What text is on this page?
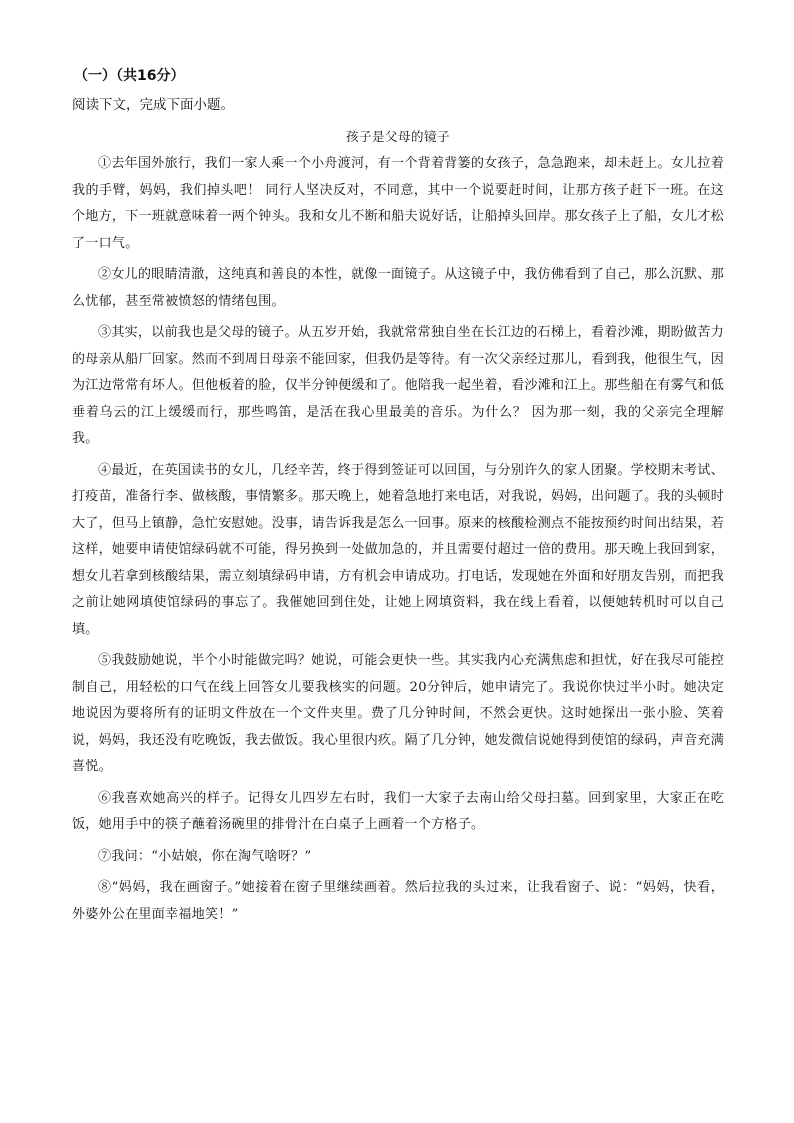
（一）（共16分）
阅读下文，完成下面小题。
孩子是父母的镜子

①去年国外旅行，我们一家人乘一个小舟渡河，有一个背着背篓的女孩子，急急跑来，却未赶上。女儿拉着我的手臂，妈妈，我们掉头吧！ 同行人坚决反对，不同意，其中一个说要赶时间，让那方孩子赶下一班。在这个地方，下一班就意味着一两个钟头。我和女儿不断和船夫说好话，让船掉头回岸。那女孩子上了船，女儿才松了一口气。

②女儿的眼睛清澈，这纯真和善良的本性，就像一面镜子。从这镜子中，我仿佛看到了自己，那么沉默、那么忧郁，甚至常被愤怒的情绪包围。

③其实，以前我也是父母的镜子。从五岁开始，我就常常独自坐在长江边的石梯上，看着沙滩，期盼做苦力的母亲从船厂回家。然而不到周日母亲不能回家，但我仍是等待。有一次父亲经过那儿，看到我，他很生气，因为江边常常有坏人。但他板着的脸，仅半分钟便缓和了。他陪我一起坐着，看沙滩和江上。那些船在有雾气和低垂着乌云的江上缓缓而行，那些鸣笛，是活在我心里最美的音乐。为什么？ 因为那一刻，我的父亲完全理解我。

④最近，在英国读书的女儿，几经辛苦，终于得到签证可以回国，与分别许久的家人团聚。学校期末考试、打疫苗，准备行李、做核酸，事情繁多。那天晚上，她着急地打来电话，对我说，妈妈，出问题了。我的头顿时大了，但马上镇静，急忙安慰她。没事，请告诉我是怎么一回事。原来的核酸检测点不能按预约时间出结果，若这样，她要申请使馆绿码就不可能，得另换到一处做加急的，并且需要付超过一倍的费用。那天晚上我回到家，想女儿若拿到核酸结果，需立刻填绿码申请，方有机会申请成功。打电话，发现她在外面和好朋友告别，而把我之前让她网填使馆绿码的事忘了。我催她回到住处，让她上网填资料，我在线上看着，以便她转机时可以自己填。

⑤我鼓励她说，半个小时能做完吗？她说，可能会更快一些。其实我内心充满焦虑和担忧，好在我尽可能控制自己，用轻松的口气在线上回答女儿要我核实的问题。20分钟后，她申请完了。我说你快过半小时。她决定地说因为要将所有的证明文件放在一个文件夹里。费了几分钟时间，不然会更快。这时她探出一张小脸、笑着说，妈妈，我还没有吃晚饭，我去做饭。我心里很内疚。隔了几分钟，她发微信说她得到使馆的绿码，声音充满喜悦。

⑥我喜欢她高兴的样子。记得女儿四岁左右时，我们一大家子去南山给父母扫墓。回到家里，大家正在吃饭，她用手中的筷子蘸着汤碗里的排骨汁在白桌子上画着一个方格子。

⑦我问：“小姑娘，你在淘气啥呀？”

⑧“妈妈，我在画窗子。”她接着在窗子里继续画着。然后拉我的头过来，让我看窗子、说：“妈妈，快看，外婆外公在里面幸福地笑！”
